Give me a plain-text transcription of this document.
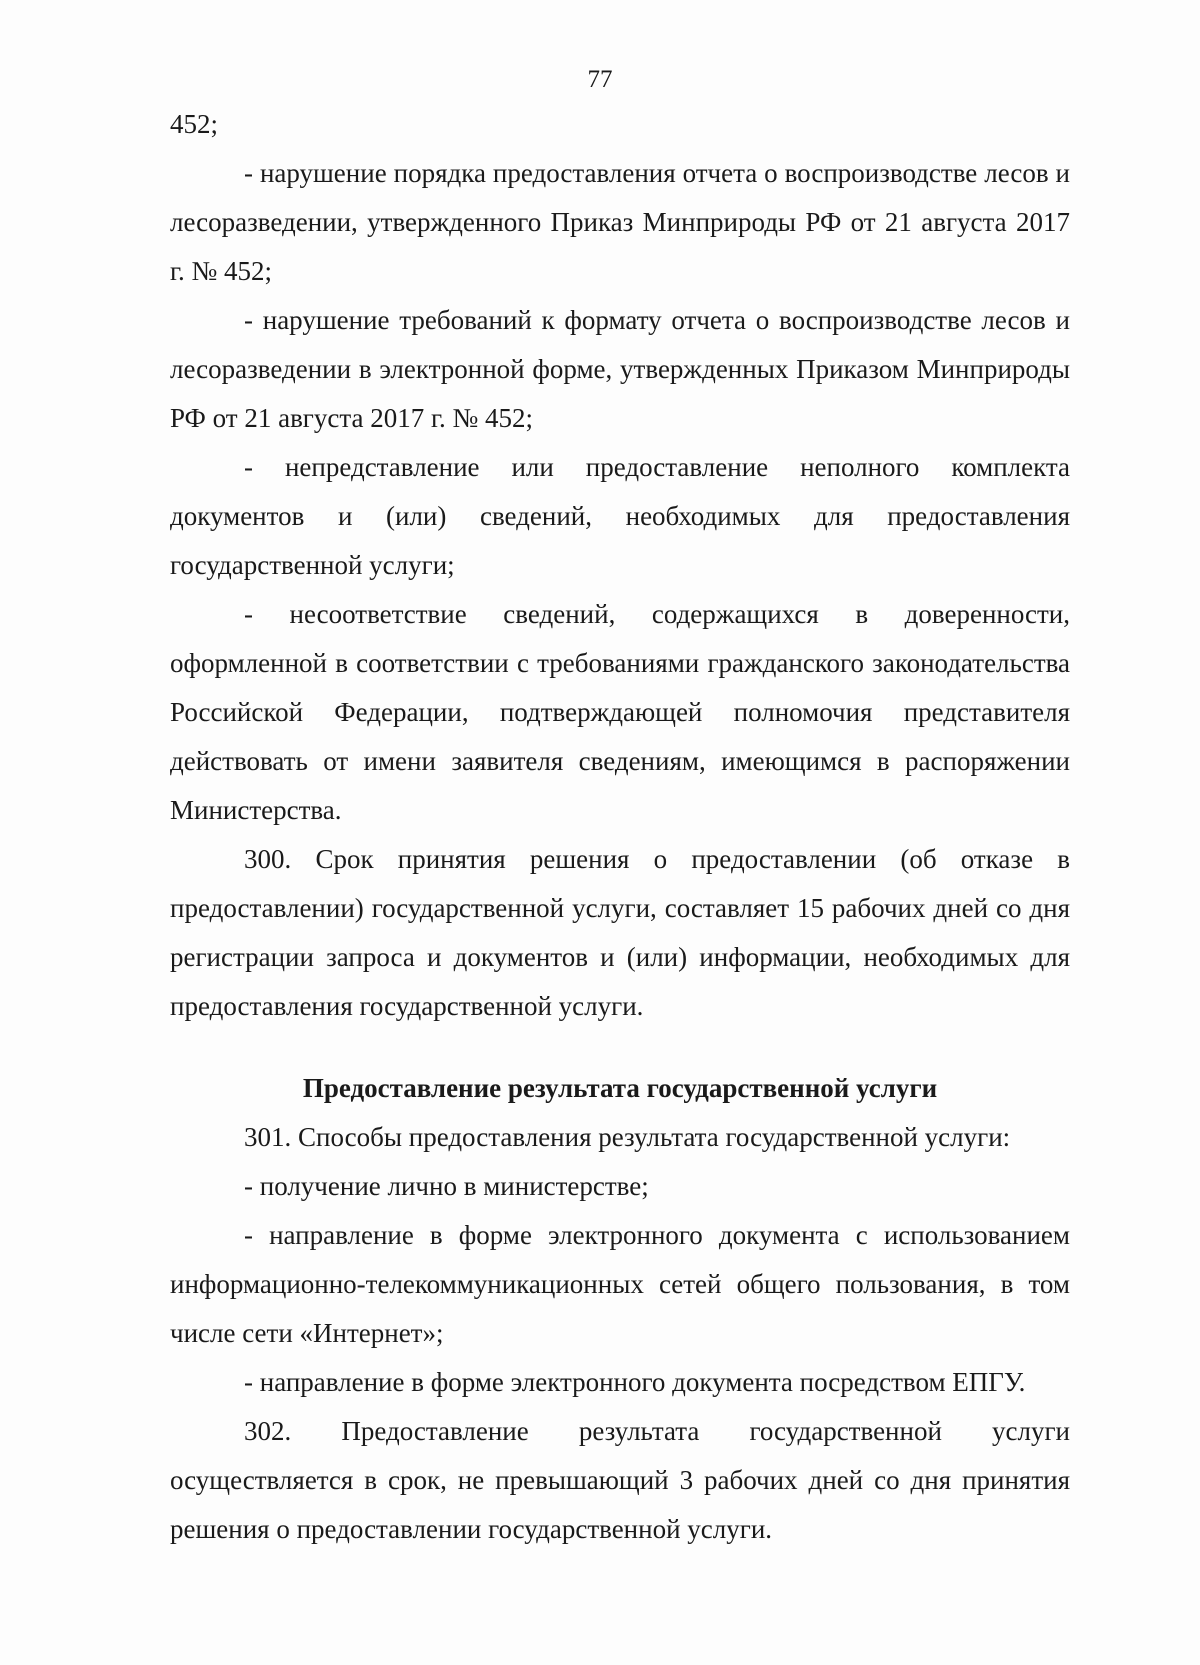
77

452;

- нарушение порядка предоставления отчета о воспроизводстве лесов и лесоразведении, утвержденного Приказ Минприроды РФ от 21 августа 2017 г. № 452;

- нарушение требований к формату отчета о воспроизводстве лесов и лесоразведении в электронной форме, утвержденных Приказом Минприроды РФ от 21 августа 2017 г. № 452;

- непредставление или предоставление неполного комплекта документов и (или) сведений, необходимых для предоставления государственной услуги;

- несоответствие сведений, содержащихся в доверенности, оформленной в соответствии с требованиями гражданского законодательства Российской Федерации, подтверждающей полномочия представителя действовать от имени заявителя сведениям, имеющимся в распоряжении Министерства.

300. Срок принятия решения о предоставлении (об отказе в предоставлении) государственной услуги, составляет 15 рабочих дней со дня регистрации запроса и документов и (или) информации, необходимых для предоставления государственной услуги.

Предоставление результата государственной услуги

301. Способы предоставления результата государственной услуги:

- получение лично в министерстве;

- направление в форме электронного документа с использованием информационно-телекоммуникационных сетей общего пользования, в том числе сети «Интернет»;

- направление в форме электронного документа посредством ЕПГУ.

302. Предоставление результата государственной услуги осуществляется в срок, не превышающий 3 рабочих дней со дня принятия решения о предоставлении государственной услуги.
